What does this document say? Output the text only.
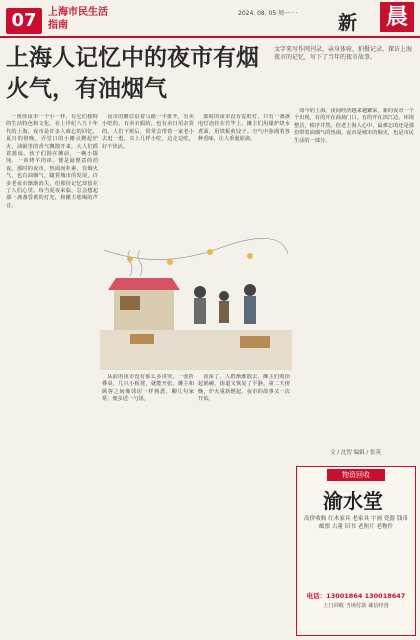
07	上海市民生活指南
2024. 08. 05 周一 · · 新 晨
上海人记忆中的夜市有烟火气，有油烟气
文字来写作网刊录，亲身体验，拍摄记录，探访上海夜市的记忆，写下了当年的夜市故事。

一座座夜市一个小一样，有它们独特的生活特色和文化。在上世纪八九十年代的上海，夜市是许多人难忘的回忆。夏日的傍晚，弄堂口的小摊点燃起炉火，油锅里的香气飘散开来，大人们摇着蒲扇，孩子们围在摊前，一碗小馄饨、一串烤羊肉串，便是最惬意的消夜。那时的夜市，热闹而朴素，有烟火气，也有油烟气。随着城市的发展，许多老夜市渐渐消失，但那份记忆却留在了人们心里。每当夏夜来临，总会想起那一盏盏昏黄的灯光，和摊主吆喝的声音。

夜市的摊位沿着马路一字排开，有卖小吃的，有卖衣服的，也有卖日用杂货的。人们下班后，常常会带着一家老小去逛一逛，买上几样小吃，边走边吃，好不快活。

那时的夜市没有霓虹灯，只有一盏盏电灯泡挂在竹竿上。摊主们用煤炉烧水煮面，用铁板煎饺子。空气中弥漫着各种香味，让人垂涎欲滴。

如今的上海，夜间经济越来越繁荣，新的夜市一个个出现，有的开在商场门口，有的开在滨江边，环境整洁，秩序井然。但老上海人心中，最难忘的还是那份带着油烟气的热闹。夜市是城市的烟火，也是市民生活的一部分。

从前的夜市没有那么多讲究，一张折叠桌，几只小板凳，就能开张。摊主和顾客之间像邻居一样熟悉，聊几句家常，便多送一勺汤。

夜深了，人群渐渐散去，摊主们收拾起锅碗，街道又恢复了平静。第二天傍晚，炉火重新燃起，夜市的故事又一次开始。

文 / 沈智 编辑 / 张英
物资回收
渝水堂
高价收购 红木家具 老家具 字画 瓷器 钱币 邮票 古董 旧书 老照片 老物件
电话：13001864 130018647
上门回收 当场付款 诚信经营
